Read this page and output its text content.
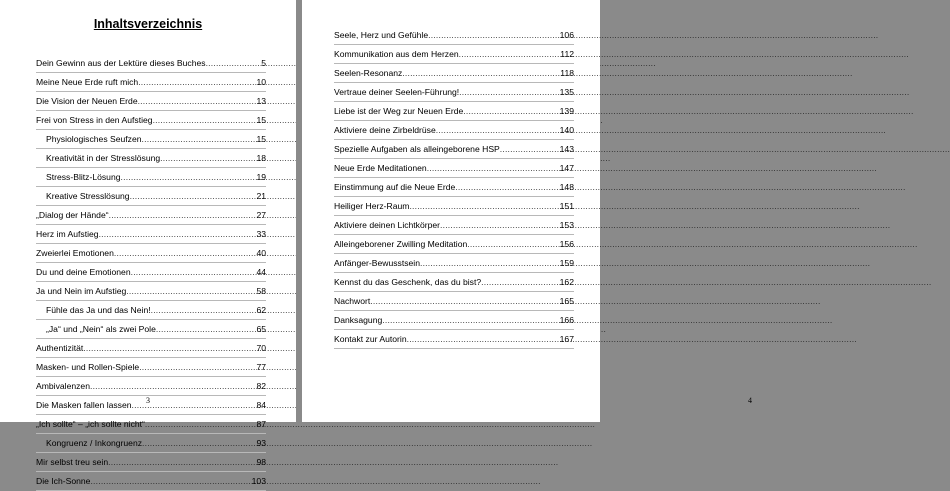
Inhaltsverzeichnis
Dein Gewinn aus der Lektüre dieses Buches .....	5
Meine Neue Erde ruft mich .....	10
Die Vision der Neuen Erde .....	13
Frei von Stress in den Aufstieg .....	15
Physiologisches Seufzen .....	15
Kreativität in der Stresslösung .....	18
Stress-Blitz-Lösung .....	19
Kreative Stresslösung .....	21
„Dialog der Hände“ .....	27
Herz im Aufstieg .....	33
Zweierlei Emotionen .....	40
Du und deine Emotionen .....	44
Ja und Nein im Aufstieg .....	58
Fühle das Ja und das Nein! .....	62
„Ja“ und „Nein“ als zwei Pole .....	65
Authentizität .....	70
Masken- und Rollen-Spiele .....	77
Ambivalenzen .....	82
Die Masken fallen lassen .....	84
„Ich sollte“ – „ich sollte nicht“ .....	87
Kongruenz / Inkongruenz .....	93
Mir selbst treu sein .....	98
Die Ich-Sonne .....	103
3
Seele, Herz und Gefühle .....	106
Kommunikation aus dem Herzen .....	112
Seelen-Resonanz .....	118
Vertraue deiner Seelen-Führung! .....	135
Liebe ist der Weg zur Neuen Erde .....	139
Aktiviere deine Zirbeldrüse .....	140
Spezielle Aufgaben als alleingeborene HSP .....	143
Neue Erde Meditationen .....	147
Einstimmung auf die Neue Erde .....	148
Heiliger Herz-Raum .....	151
Aktiviere deinen Lichtkörper .....	153
Alleingeborener Zwilling Meditation .....	156
Anfänger-Bewusstsein .....	159
Kennst du das Geschenk, das du bist? .....	162
Nachwort .....	165
Danksagung .....	166
Kontakt zur Autorin .....	167
4
